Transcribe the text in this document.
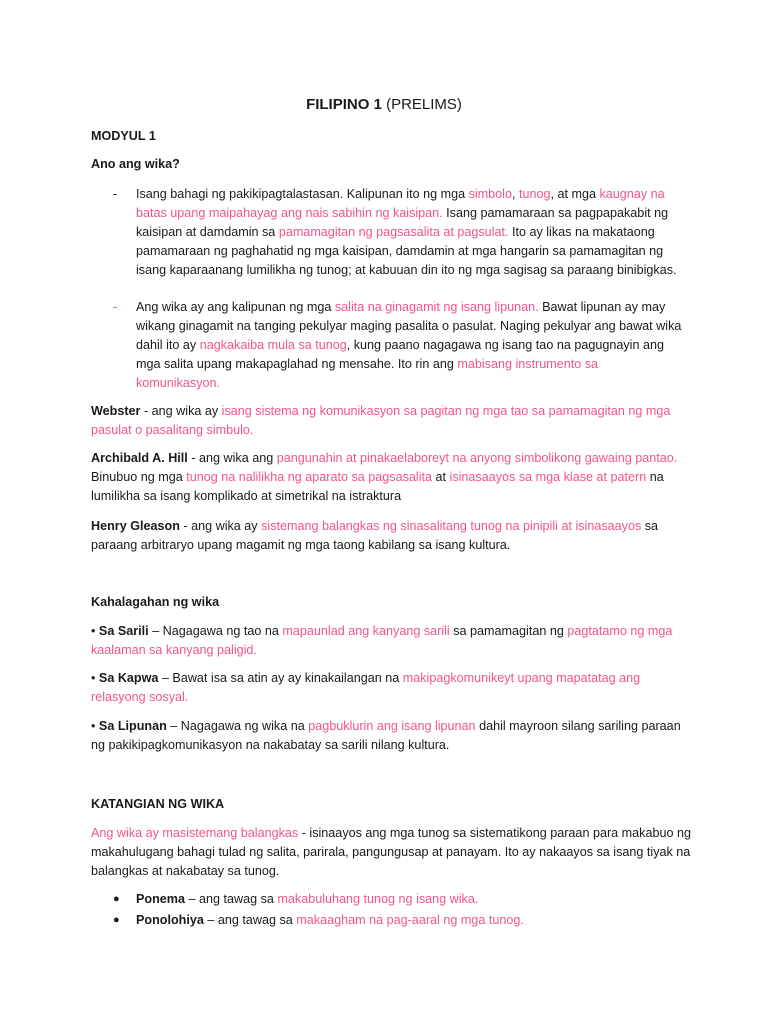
FILIPINO 1 (PRELIMS)
MODYUL 1
Ano ang wika?
- Isang bahagi ng pakikipagtalastasan. Kalipunan ito ng mga simbolo, tunog, at mga kaugnay na batas upang maipahayag ang nais sabihin ng kaisipan. Isang pamamaraan sa pagpapakabit ng kaisipan at damdamin sa pamamagitan ng pagsasalita at pagsulat. Ito ay likas na makataong pamamaraan ng paghahatid ng mga kaisipan, damdamin at mga hangarin sa pamamagitan ng isang kaparaanang lumilikha ng tunog; at kabuuan din ito ng mga sagisag sa paraang binibigkas.
- Ang wika ay ang kalipunan ng mga salita na ginagamit ng isang lipunan. Bawat lipunan ay may wikang ginagamit na tanging pekulyar maging pasalita o pasulat. Naging pekulyar ang bawat wika dahil ito ay nagkakaiba mula sa tunog, kung paano nagagawa ng isang tao na pagugnayin ang mga salita upang makapaglahad ng mensahe. Ito rin ang mabisang instrumento sa komunikasyon.
Webster - ang wika ay isang sistema ng komunikasyon sa pagitan ng mga tao sa pamamagitan ng mga pasulat o pasalitang simbulo.
Archibald A. Hill - ang wika ang pangunahin at pinakaelaboreyt na anyong simbolikong gawaing pantao. Binubuo ng mga tunog na nalilikha ng aparato sa pagsasalita at isinasaayos sa mga klase at patern na lumilikha sa isang komplikado at simetrikal na istraktura
Henry Gleason - ang wika ay sistemang balangkas ng sinasalitang tunog na pinipili at isinasaayos sa paraang arbitraryo upang magamit ng mga taong kabilang sa isang kultura.
Kahalagahan ng wika
• Sa Sarili – Nagagawa ng tao na mapaunlad ang kanyang sarili sa pamamagitan ng pagtatamo ng mga kaalaman sa kanyang paligid.
• Sa Kapwa – Bawat isa sa atin ay ay kinakailangan na makipagkomunikeyt upang mapatatag ang relasyong sosyal.
• Sa Lipunan – Nagagawa ng wika na pagbuklurin ang isang lipunan dahil mayroon silang sariling paraan ng pakikipagkomunikasyon na nakabatay sa sarili nilang kultura.
KATANGIAN NG WIKA
Ang wika ay masistemang balangkas - isinaayos ang mga tunog sa sistematikong paraan para makabuo ng makahulugang bahagi tulad ng salita, parirala, pangungusap at panayam. Ito ay nakaayos sa isang tiyak na balangkas at nakabatay sa tunog.
● Ponema – ang tawag sa makabuluhang tunog ng isang wika.
● Ponolohiya – ang tawag sa makaagham na pag-aaral ng mga tunog.
